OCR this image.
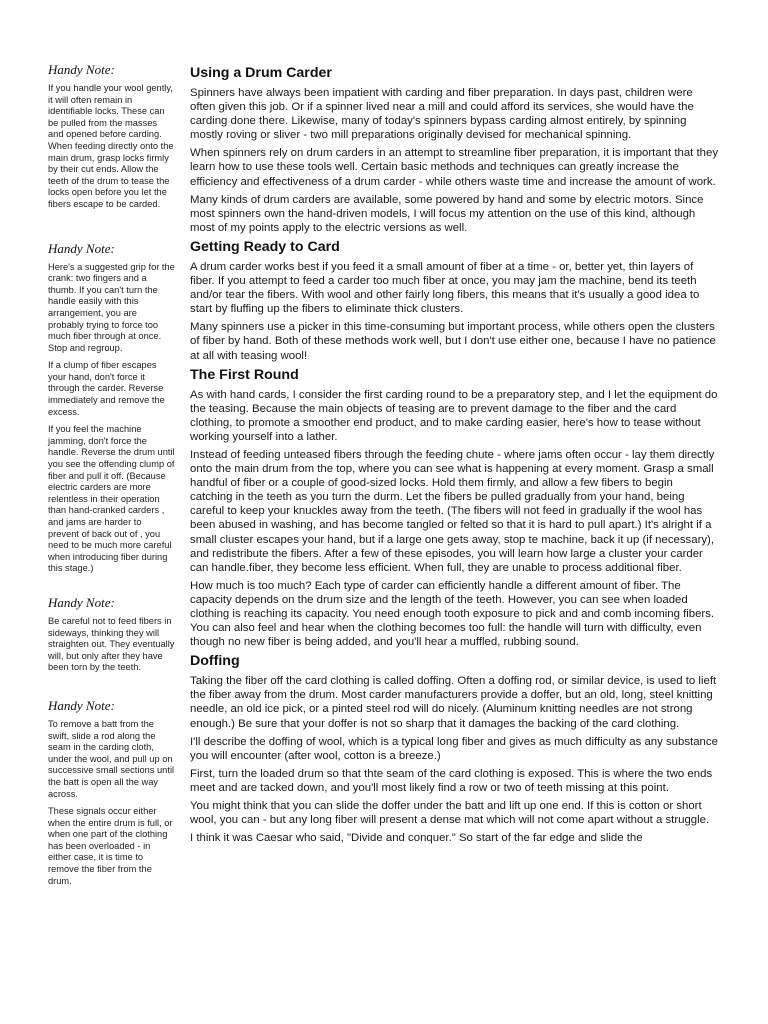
Handy Note:

If you handle your wool gently, it will often remain in identifiable locks. These can be pulled from the masses and opened before carding. When feeding directly onto the main drum, grasp locks firmly by their cut ends. Allow the teeth of the drum to tease the locks open before you let the fibers escape to be carded.

Handy Note:

Here's a suggested grip for the crank: two fingers and a thumb. If you can't turn the handle easily with this arrangement, you are probably trying to force too much fiber through at once. Stop and regroup.

If a clump of fiber escapes your hand, don't force it through the carder. Reverse immediately and remove the excess.

If you feel the machine jamming, don't force the handle. Reverse the drum until you see the offending clump of fiber and pull it off. (Because electric carders are more relentless in their operation than hand-cranked carders , and jams are harder to prevent of back out of , you need to be much more careful when introducing fiber during this stage.)

Handy Note:

Be careful not to feed fibers in sideways, thinking they will straighten out. They eventually will, but only after they have been torn by the teeth.

Handy Note:

To remove a batt from the swift, slide a rod along the seam in the carding cloth, under the wool, and pull up on successive small sections until the batt is open all the way across.

These signals occur either when the entire drum is full, or when one part of the clothing has been overloaded - in either case, it is time to remove the fiber from the drum.

Using a Drum Carder

Spinners have always been impatient with carding and fiber preparation. In days past, children were often given this job. Or if a spinner lived near a mill and could afford its services, she would have the carding done there. Likewise, many of today's spinners bypass carding almost entirely, by spinning mostly roving or sliver - two mill preparations originally devised for mechanical spinning.

When spinners rely on drum carders in an attempt to streamline fiber preparation, it is important that they learn how to use these tools well. Certain basic methods and techniques can greatly increase the efficiency and effectiveness of a drum carder - while others waste time and increase the amount of work.

Many kinds of drum carders are available, some powered by hand and some by electric motors. Since most spinners own the hand-driven models, I will focus my attention on the use of this kind, although most of my points apply to the electric versions as well.

Getting Ready to Card

A drum carder works best if you feed it a small amount of fiber at a time - or, better yet, thin layers of fiber. If you attempt to feed a carder too much fiber at once, you may jam the machine, bend its teeth and/or tear the fibers. With wool and other fairly long fibers, this means that it's usually a good idea to start by fluffing up the fibers to eliminate thick clusters.

Many spinners use a picker in this time-consuming but important process, while others open the clusters of fiber by hand. Both of these methods work well, but I don't use either one, because I have no patience at all with teasing wool!

The First Round

As with hand cards, I consider the first carding round to be a preparatory step, and I let the equipment do the teasing. Because the main objects of teasing are to prevent damage to the fiber and the card clothing, to promote a smoother end product, and to make carding easier, here's how to tease without working yourself into a lather.

Instead of feeding unteased fibers through the feeding chute - where jams often occur - lay them directly onto the main drum from the top, where you can see what is happening at every moment. Grasp a small handful of fiber or a couple of good-sized locks. Hold them firmly, and allow a few fibers to begin catching in the teeth as you turn the durm. Let the fibers be pulled gradually from your hand, being careful to keep your knuckles away from the teeth. (The fibers will not feed in gradually if the wool has been abused in washing, and has become tangled or felted so that it is hard to pull apart.) It's alright if a small cluster escapes your hand, but if a large one gets away, stop te machine, back it up (if necessary), and redistribute the fibers. After a few of these episodes, you will learn how large a cluster your carder can handle.fiber, they become less efficient. When full, they are unable to process additional fiber.

How much is too much? Each type of carder can efficiently handle a different amount of fiber. The capacity depends on the drum size and the length of the teeth. However, you can see when loaded clothing is reaching its capacity. You need enough tooth exposure to pick and and comb incoming fibers. You can also feel and hear when the clothing becomes too full: the handle will turn with difficulty, even though no new fiber is being added, and you'll hear a muffled, rubbing sound.

Doffing

Taking the fiber off the card clothing is called doffing. Often a doffing rod, or similar device, is used to lieft the fiber away from the drum. Most carder manufacturers provide a doffer, but an old, long, steel knitting needle, an old ice pick, or a pinted steel rod will do nicely. (Aluminum knitting needles are not strong enough.) Be sure that your doffer is not so sharp that it damages the backing of the card clothing.

I'll describe the doffing of wool, which is a typical long fiber and gives as much difficulty as any substance you will encounter (after wool, cotton is a breeze.)

First, turn the loaded drum so that thte seam of the card clothing is exposed. This is where the two ends meet and are tacked down, and you'll most likely find a row or two of teeth missing at this point.

You might think that you can slide the doffer under the batt and lift up one end. If this is cotton or short wool, you can - but any long fiber will present a dense mat which will not come apart without a struggle.

I think it was Caesar who said, "Divide and conquer." So start of the far edge and slide the
